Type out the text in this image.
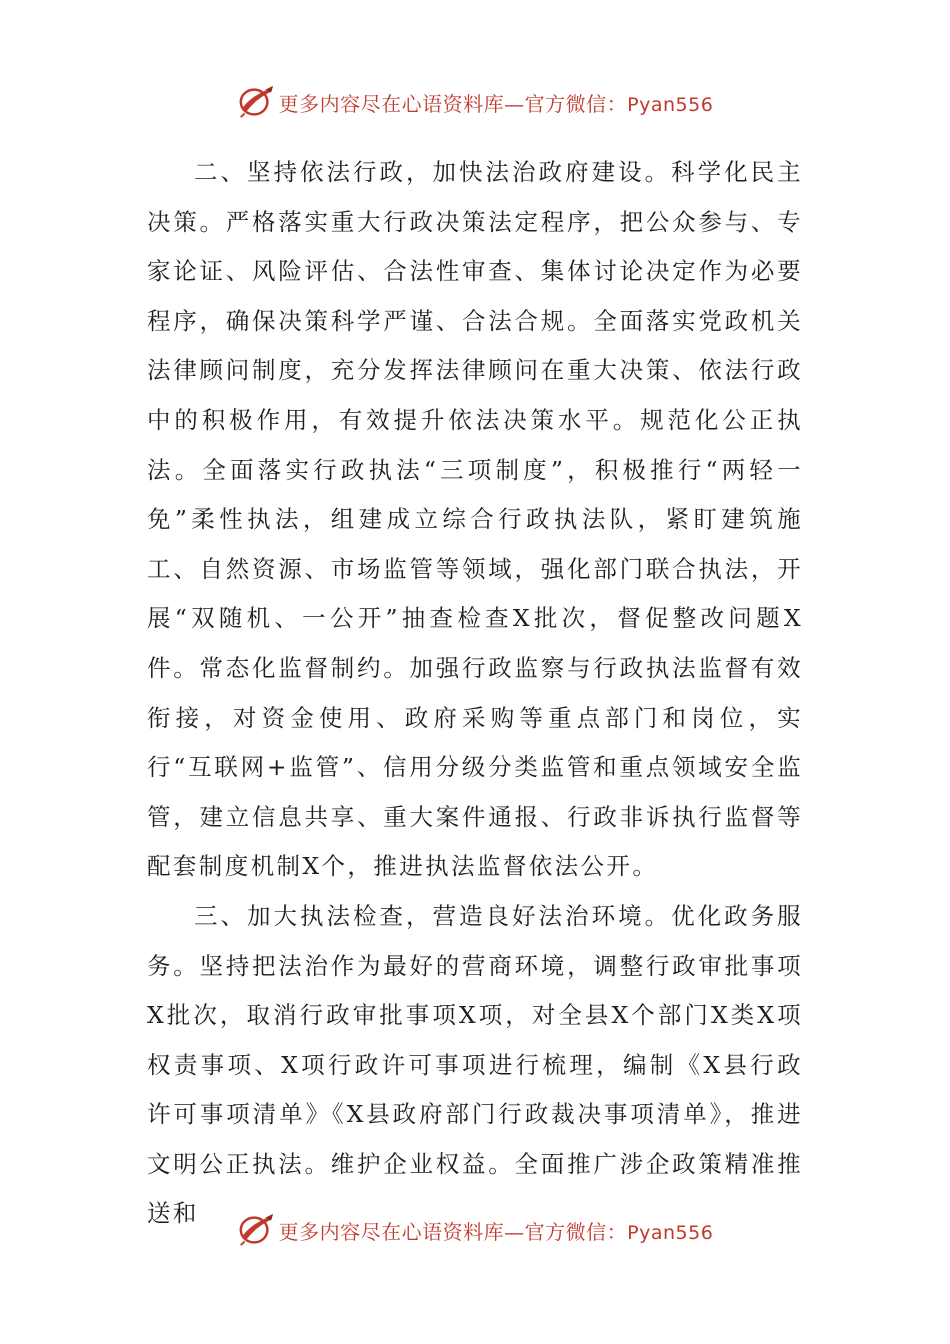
更多内容尽在心语资料库—官方微信：Pyan556

二、坚持依法行政，加快法治政府建设。科学化民主决策。严格落实重大行政决策法定程序，把公众参与、专家论证、风险评估、合法性审查、集体讨论决定作为必要程序，确保决策科学严谨、合法合规。全面落实党政机关法律顾问制度，充分发挥法律顾问在重大决策、依法行政中的积极作用，有效提升依法决策水平。规范化公正执法。全面落实行政执法“三项制度”，积极推行“两轻一免”柔性执法，组建成立综合行政执法队，紧盯建筑施工、自然资源、市场监管等领域，强化部门联合执法，开展“双随机、一公开”抽查检查X批次，督促整改问题X件。常态化监督制约。加强行政监察与行政执法监督有效衔接，对资金使用、政府采购等重点部门和岗位，实行“互联网+监管”、信用分级分类监管和重点领域安全监管，建立信息共享、重大案件通报、行政非诉执行监督等配套制度机制X个，推进执法监督依法公开。

三、加大执法检查，营造良好法治环境。优化政务服务。坚持把法治作为最好的营商环境，调整行政审批事项X批次，取消行政审批事项X项，对全县X个部门X类X项权责事项、X项行政许可事项进行梳理，编制《X县行政许可事项清单》《X县政府部门行政裁决事项清单》，推进文明公正执法。维护企业权益。全面推广涉企政策精准推送和

更多内容尽在心语资料库—官方微信：Pyan556
